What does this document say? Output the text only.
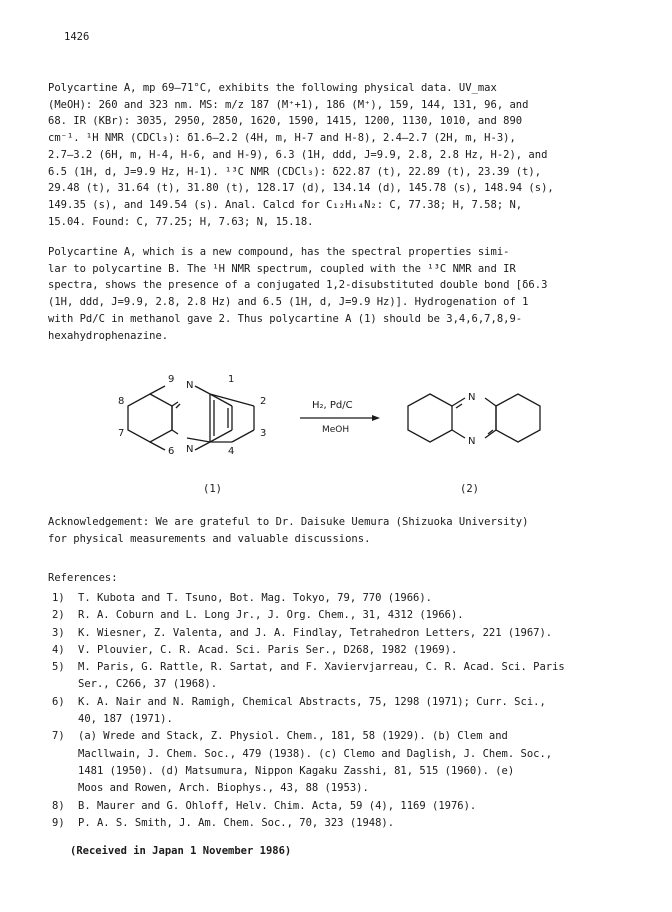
1426
Polycartine A, mp 69–71°C, exhibits the following physical data. UV_max
(MeOH): 260 and 323 nm. MS: m/z 187 (M⁺+1), 186 (M⁺), 159, 144, 131, 96, and
68. IR (KBr): 3035, 2950, 2850, 1620, 1590, 1415, 1200, 1130, 1010, and 890
cm⁻¹. ¹H NMR (CDCl₃): δ1.6–2.2 (4H, m, H-7 and H-8), 2.4–2.7 (2H, m, H-3),
2.7–3.2 (6H, m, H-4, H-6, and H-9), 6.3 (1H, ddd, J=9.9, 2.8, 2.8 Hz, H-2), and
6.5 (1H, d, J=9.9 Hz, H-1). ¹³C NMR (CDCl₃): δ22.87 (t), 22.89 (t), 23.39 (t),
29.48 (t), 31.64 (t), 31.80 (t), 128.17 (d), 134.14 (d), 145.78 (s), 148.94 (s),
149.35 (s), and 149.54 (s). Anal. Calcd for C₁₂H₁₄N₂: C, 77.38; H, 7.58; N,
15.04. Found: C, 77.25; H, 7.63; N, 15.18.
Polycartine A, which is a new compound, has the spectral properties simi-
lar to polycartine B. The ¹H NMR spectrum, coupled with the ¹³C NMR and IR
spectra, shows the presence of a conjugated 1,2-disubstituted double bond [δ6.3
(1H, ddd, J=9.9, 2.8, 2.8 Hz) and 6.5 (1H, d, J=9.9 Hz)]. Hydrogenation of 1
with Pd/C in methanol gave 2. Thus polycartine A (1) should be 3,4,6,7,8,9-
hexahydrophenazine.
N
N
9	1
8	2
7	3
6	4
H₂, Pd/C
MeOH
N
N
(1)	(2)
Acknowledgement: We are grateful to Dr. Daisuke Uemura (Shizuoka University)
for physical measurements and valuable discussions.
References:
1) T. Kubota and T. Tsuno, Bot. Mag. Tokyo, 79, 770 (1966).
2) R. A. Coburn and L. Long Jr., J. Org. Chem., 31, 4312 (1966).
3) K. Wiesner, Z. Valenta, and J. A. Findlay, Tetrahedron Letters, 221 (1967).
4) V. Plouvier, C. R. Acad. Sci. Paris Ser., D268, 1982 (1969).
5) M. Paris, G. Rattle, R. Sartat, and F. Xaviervjarreau, C. R. Acad. Sci. Paris
Ser., C266, 37 (1968).
6) K. A. Nair and N. Ramigh, Chemical Abstracts, 75, 1298 (1971); Curr. Sci.,
40, 187 (1971).
7) (a) Wrede and Stack, Z. Physiol. Chem., 181, 58 (1929). (b) Clem and
Macllwain, J. Chem. Soc., 479 (1938). (c) Clemo and Daglish, J. Chem. Soc.,
1481 (1950). (d) Matsumura, Nippon Kagaku Zasshi, 81, 515 (1960). (e)
Moos and Rowen, Arch. Biophys., 43, 88 (1953).
8) B. Maurer and G. Ohloff, Helv. Chim. Acta, 59 (4), 1169 (1976).
9) P. A. S. Smith, J. Am. Chem. Soc., 70, 323 (1948).
(Received in Japan 1 November 1986)
